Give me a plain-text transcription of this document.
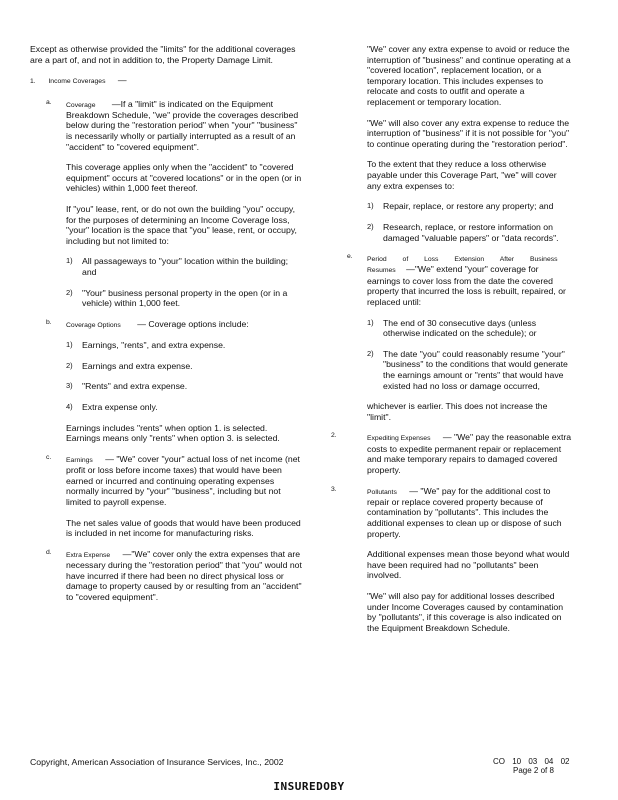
Except as otherwise provided the "limits" for the additional coverages are a part of, and not in addition to, the Property Damage Limit.

1. Income Coverages —
a. Coverage —If a "limit" is indicated on the Equipment Breakdown Schedule, "we" provide the coverages described below during the "restoration period" when "your" "business" is necessarily wholly or partially interrupted as a result of an "accident" to "covered equipment".

This coverage applies only when the "accident" to "covered equipment" occurs at "covered locations" or in the open (or in vehicles) within 1,000 feet thereof.

If "you" lease, rent, or do not own the building "you" occupy, for the purposes of determining an Income Coverage loss, "your" location is the space that "you" lease, rent, or occupy, including but not limited to:

1) All passageways to "your" location within the building; and
2) "Your" business personal property in the open (or in a vehicle) within 1,000 feet.
b. Coverage Options — Coverage options include:

1) Earnings, "rents", and extra expense.
2) Earnings and extra expense.
3) "Rents" and extra expense.
4) Extra expense only.

Earnings includes "rents" when option 1. is selected. Earnings means only "rents" when option 3. is selected.

c. Earnings — "We" cover "your" actual loss of net income (net profit or loss before income taxes) that would have been earned or incurred and continuing operating expenses normally incurred by "your" "business", including but not limited to payroll expense.

The net sales value of goods that would have been produced is included in net income for manufacturing risks.

d. Extra Expense —"We" cover only the extra expenses that are necessary during the "restoration period" that "you" would not have incurred if there had been no direct physical loss or damage to property caused by or resulting from an "accident" to "covered equipment".

"We" cover any extra expense to avoid or reduce the interruption of "business" and continue operating at a "covered location", replacement location, or a temporary location. This includes expenses to relocate and costs to outfit and operate a replacement or temporary location.

"We" will also cover any extra expense to reduce the interruption of "business" if it is not possible for "you" to continue operating during the "restoration period".

To the extent that they reduce a loss otherwise payable under this Coverage Part, "we" will cover any extra expenses to:

1) Repair, replace, or restore any property; and
2) Research, replace, or restore information on damaged "valuable papers" or "data records".
e. Period of Loss Extension After Business Resumes —"We" extend "your" coverage for earnings to cover loss from the date the covered property that incurred the loss is rebuilt, repaired, or replaced until:

1) The end of 30 consecutive days (unless otherwise indicated on the schedule); or
2) The date "you" could reasonably resume "your" "business" to the conditions that would generate the earnings amount or "rents" that would have existed had no loss or damage occurred,

whichever is earlier. This does not increase the "limit".

2.	Expediting Expenses — "We" pay the reasonable extra costs to expedite permanent repair or replacement and make temporary repairs to damaged covered property.

3.	Pollutants — "We" pay for the additional cost to repair or replace covered property because of contamination by "pollutants". This includes the additional expenses to clean up or dispose of such property.

Additional expenses mean those beyond what would have been required had no "pollutants" been involved.

"We" will also pay for additional losses described under Income Coverages caused by contamination by "pollutants", if this coverage is also indicated on the Equipment Breakdown Schedule.

Copyright, American Association of Insurance Services, Inc., 2002	CO 10 03 04 02
Page 2 of 8
INSUREDOBY
